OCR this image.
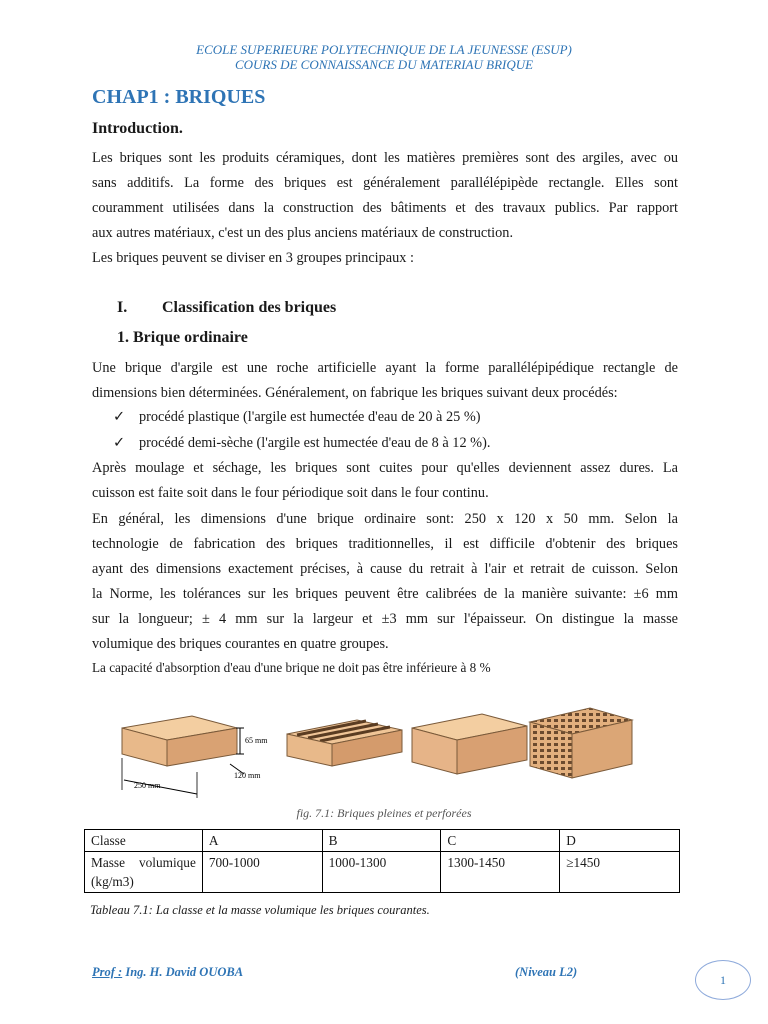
ECOLE SUPERIEURE POLYTECHNIQUE DE LA JEUNESSE (ESUP)
COURS DE CONNAISSANCE DU MATERIAU BRIQUE
CHAP1 : BRIQUES
Introduction.
Les briques sont les produits céramiques, dont les matières premières sont des argiles, avec ou
sans additifs. La forme des briques est généralement parallélépipède rectangle. Elles sont
couramment utilisées dans la construction des bâtiments et des travaux publics. Par rapport
aux autres matériaux, c'est un des plus anciens matériaux de construction.
Les briques peuvent se diviser en 3 groupes principaux :
I. Classification des briques
1. Brique ordinaire
Une brique d'argile est une roche artificielle ayant la forme parallélépipédique rectangle de
dimensions bien déterminées. Généralement, on fabrique les briques suivant deux procédés:
✓ procédé plastique (l'argile est humectée d'eau de 20 à 25 %)
✓ procédé demi-sèche (l'argile est humectée d'eau de 8 à 12 %).
Après moulage et séchage, les briques sont cuites pour qu'elles deviennent assez dures. La
cuisson est faite soit dans le four périodique soit dans le four continu.
En général, les dimensions d'une brique ordinaire sont: 250 x 120 x 50 mm. Selon la
technologie de fabrication des briques traditionnelles, il est difficile d'obtenir des briques
ayant des dimensions exactement précises, à cause du retrait à l'air et retrait de cuisson. Selon
la Norme, les tolérances sur les briques peuvent être calibrées de la manière suivante: ±6 mm
sur la longueur; ± 4 mm sur la largeur et ±3 mm sur l'épaisseur. On distingue la masse
volumique des briques courantes en quatre groupes.
La capacité d'absorption d'eau d'une brique ne doit pas être inférieure à 8 %
65 mm
120 mm
250 mm
fig. 7.1: Briques pleines et perforées
Classe	A	B	C	D
Masse volumique (kg/m3)	700-1000	1000-1300	1300-1450	≥1450
Tableau 7.1: La classe et la masse volumique les briques courantes.
Prof : Ing. H. David OUOBA	(Niveau L2)
1
